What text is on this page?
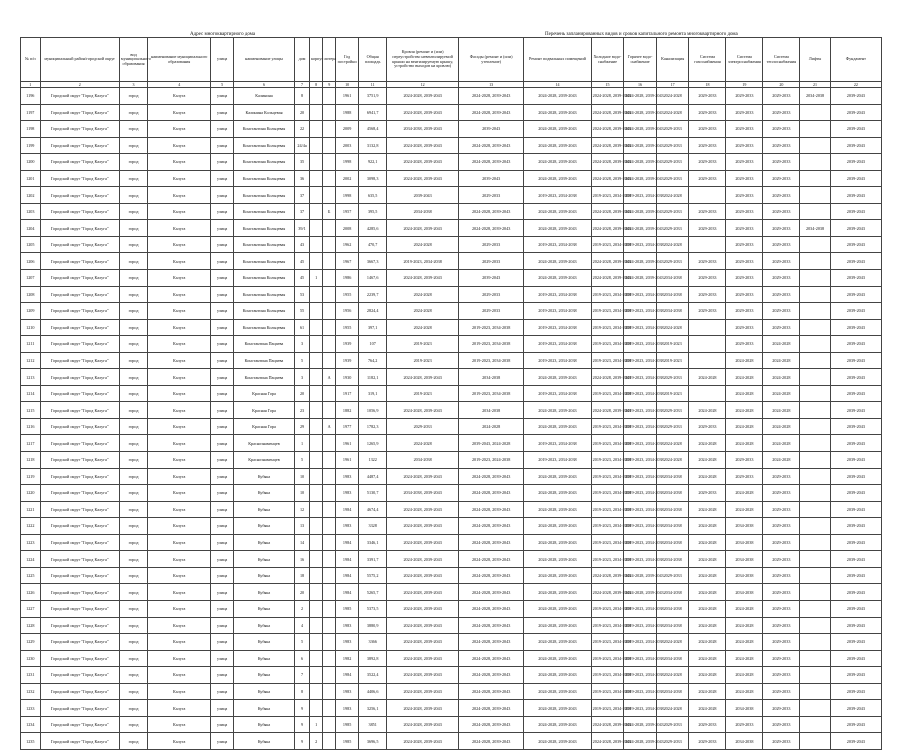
Адрес многоквартирного дома	Перечень запланированных видов и сроков капитального ремонта многоквартирного дома
№ п/п	муниципальный район/городской округ	вид муниципального образования	наименование муниципального образования	улица	наименование улицы	дом	корпус	литера	Год постройки	Общая площадь	Кровля (ремонт и (или) переустройство невентилируемой крыши на вентилируемую крышу, устройство выходов на кровлю)	Фасады (ремонт и (или) утепление)	Ремонт подвальных помещений	Холодное водо-снабжение	Горячее водо-снабжение	Канализация	Система газоснабжения	Система электроснабжения	Система теплоснабжения	Лифты	Фундамент
1	2	3	4	5	6	7	8	9	10	11	12	13	14	15	16	17	18	19	20	21	22
1196	Городской округ "Город Калуга"	город	Калуга	улица	Калинина	8			1961	3751,9	2024-2028, 2039-2043	2024-2028, 2039-2043	2024-2028, 2039-2043	2024-2028, 2039-2043	2024-2028, 2039-2043	2024-2028	2029-2033	2029-2033	2029-2033	2034-2038	2039-2043
1197	Городской округ "Город Калуга"	город	Калуга	улица	Калинина Кольцевая	20			1988	6941,7	2024-2028, 2039-2043	2024-2028, 2039-2043	2024-2028, 2039-2043	2024-2028, 2039-2043	2024-2028, 2039-2043	2024-2028	2029-2033	2029-2033	2029-2033		2039-2043
1198	Городской округ "Город Калуга"	город	Калуга	улица	Константина Кольцевая	22			2009	4568,4	2034-2038, 2039-2043	2039-2043	2024-2028, 2039-2043	2024-2028, 2039-2043	2024-2028, 2039-2043	2029-2033	2029-2033	2029-2033	2029-2033		2039-2043
1199	Городской округ "Город Калуга"	город	Калуга	улица	Константина Кольцевая	24/4а			2003	3132,8	2024-2028, 2039-2043	2024-2028, 2039-2043	2024-2028, 2039-2043	2024-2028, 2039-2043	2024-2028, 2039-2043	2029-2033	2029-2033	2029-2033	2029-2033		2039-2043
1200	Городской округ "Город Калуга"	город	Калуга	улица	Константина Кольцевая	35			1998	922,1	2024-2028, 2039-2043	2024-2028, 2039-2043	2024-2028, 2039-2043	2024-2028, 2039-2043	2024-2028, 2039-2043	2029-2033	2029-2033	2029-2033	2029-2033		2039-2043
1201	Городской округ "Город Калуга"	город	Калуга	улица	Константина Кольцевая	36			2002	3098,3	2024-2028, 2039-2043	2039-2043	2024-2028, 2039-2043	2024-2028, 2039-2043	2024-2028, 2039-2043	2029-2033	2029-2033	2029-2033	2029-2033		2039-2043
1202	Городской округ "Город Калуга"	город	Калуга	улица	Константина Кольцевая	37			1998	635,5	2039-2043	2029-2033	2019-2023, 2034-2038	2019-2023, 2034-2038	2019-2023, 2034-2038	2024-2028		2029-2033	2029-2033		2039-2043
1203	Городской округ "Город Калуга"	город	Калуга	улица	Константина Кольцевая	37		Б	1957	395,5	2034-2038	2024-2028, 2039-2043	2024-2028, 2039-2043	2024-2028, 2039-2043	2024-2028, 2039-2043	2029-2033	2029-2033	2029-2033	2029-2033		2039-2043
1204	Городской округ "Город Калуга"	город	Калуга	улица	Константина Кольцевая	39/1			2008	4285,6	2024-2028, 2039-2043	2024-2028, 2039-2043	2024-2028, 2039-2043	2024-2028, 2039-2043	2024-2028, 2039-2043	2029-2033	2029-2033	2029-2033	2029-2033	2034-2038	2039-2043
1205	Городской округ "Город Калуга"	город	Калуга	улица	Константина Кольцевая	43			1962	470,7	2024-2028	2029-2033	2019-2023, 2034-2038	2019-2023, 2034-2038	2019-2023, 2034-2038	2024-2028		2029-2033	2029-2033		2039-2043
1206	Городской округ "Город Калуга"	город	Калуга	улица	Константина Кольцевая	45			1967	3667,3	2019-2023, 2034-2038	2029-2033	2024-2028, 2039-2043	2024-2028, 2039-2043	2024-2028, 2039-2043	2029-2033	2029-2033	2029-2033	2029-2033		2039-2043
1207	Городской округ "Город Калуга"	город	Калуга	улица	Константина Кольцевая	45	1		1986	1467,6	2024-2028, 2039-2043	2039-2043	2024-2028, 2039-2043	2024-2028, 2039-2043	2024-2028, 2039-2043	2034-2038	2029-2033	2029-2033	2029-2033		2039-2043
1208	Городской округ "Город Калуга"	город	Калуга	улица	Константина Кольцевая	53			1955	2239,7	2024-2028	2029-2033	2019-2023, 2034-2038	2019-2023, 2034-2038	2019-2023, 2034-2038	2034-2038	2029-2033	2029-2033	2029-2033		2039-2043
1209	Городской округ "Город Калуга"	город	Калуга	улица	Константина Кольцевая	55			1956	2824,4	2024-2028	2029-2033	2019-2023, 2034-2038	2019-2023, 2034-2038	2019-2023, 2034-2038	2034-2038	2029-2033	2029-2033	2029-2033		2039-2043
1210	Городской округ "Город Калуга"	город	Калуга	улица	Константина Кольцевая	61			1955	397,1	2024-2028	2019-2023, 2034-2038	2019-2023, 2034-2038	2019-2023, 2034-2038	2019-2023, 2034-2038	2024-2028		2029-2033	2029-2033		2039-2043
1211	Городской округ "Город Калуга"	город	Калуга	улица	Константина Пацаева	3			1939	107	2019-2023	2019-2023, 2034-2038	2019-2023, 2034-2038	2019-2023, 2034-2038	2019-2023, 2034-2038	2019-2023		2029-2033	2024-2028		2039-2043
1212	Городской округ "Город Калуга"	город	Калуга	улица	Константина Пацаева	5			1939	764,2	2019-2023	2019-2023, 2034-2038	2019-2023, 2034-2038	2019-2023, 2034-2038	2019-2023, 2034-2038	2019-2023		2024-2028	2024-2028		2039-2043
1213	Городской округ "Город Калуга"	город	Калуга	улица	Константина Пацаева	3		А	1930	1182,1	2024-2028, 2039-2043	2034-2038	2024-2028, 2039-2043	2024-2028, 2039-2043	2019-2023, 2034-2038	2029-2033	2024-2028	2024-2028	2024-2028		2039-2043
1214	Городской округ "Город Калуга"	город	Калуга	улица	Красная Гора	20			1917	319,1	2019-2023	2019-2023, 2034-2038	2019-2023, 2034-2038	2019-2023, 2034-2038	2019-2023, 2034-2038	2019-2023		2024-2028	2024-2028		2039-2043
1215	Городской округ "Город Калуга"	город	Калуга	улица	Красная Гора	23			1882	1056,9	2024-2028, 2039-2043	2034-2038	2024-2028, 2039-2043	2024-2028, 2039-2043	2019-2023, 2034-2038	2029-2033	2024-2028	2024-2028	2024-2028		2039-2043
1216	Городской округ "Город Калуга"	город	Калуга	улица	Красная Гора	29		А	1977	1782,3	2029-2033	2024-2028	2024-2028, 2039-2043	2019-2023, 2034-2038	2019-2023, 2034-2038	2029-2033	2029-2033	2024-2028	2024-2028		2039-2043
1217	Городской округ "Город Калуга"	город	Калуга	улица	Краснознаменцев	1			1961	1265,9	2024-2028	2039-2043, 2024-2028	2019-2023, 2034-2038	2019-2023, 2034-2038	2019-2023, 2034-2038	2024-2028	2024-2028	2024-2028	2024-2028		2039-2043
1218	Городской округ "Город Калуга"	город	Калуга	улица	Краснознаменцев	5			1961	1322	2034-2038	2019-2023, 2024-2038	2019-2023, 2034-2038	2019-2023, 2034-2038	2019-2023, 2034-2038	2024-2028	2024-2028	2029-2033	2024-2028		2039-2043
1219	Городской округ "Город Калуга"	город	Калуга	улица	Кубяка	10			1983	4487,4	2024-2028, 2039-2043	2024-2028, 2039-2043	2024-2028, 2039-2043	2019-2023, 2034-2038	2019-2023, 2034-2038	2034-2038	2024-2028	2029-2033	2029-2033		2039-2043
1220	Городской округ "Город Калуга"	город	Калуга	улица	Кубяка	10			1983	5130,7	2034-2038, 2039-2043	2024-2028, 2039-2043	2024-2028, 2039-2043	2019-2023, 2034-2038	2019-2023, 2034-2038	2034-2038	2029-2033	2024-2028	2029-2033		2039-2043
1221	Городской округ "Город Калуга"	город	Калуга	улица	Кубяка	12			1984	4674,4	2024-2028, 2039-2043	2024-2028, 2039-2043	2024-2028, 2039-2043	2019-2023, 2034-2038	2019-2023, 2034-2038	2034-2038	2024-2028	2024-2028	2029-2033		2039-2043
1222	Городской округ "Город Калуга"	город	Калуга	улица	Кубяка	13			1983	3328	2024-2028, 2039-2043	2024-2028, 2039-2043	2024-2028, 2039-2043	2019-2023, 2034-2038	2019-2023, 2034-2038	2034-2038	2024-2028	2034-2038	2029-2033		2039-2043
1223	Городской округ "Город Калуга"	город	Калуга	улица	Кубяка	14			1984	3346,1	2024-2028, 2039-2043	2024-2028, 2039-2043	2024-2028, 2039-2043	2019-2023, 2034-2038	2019-2023, 2034-2038	2034-2038	2024-2028	2034-2038	2029-2033		2039-2043
1224	Городской округ "Город Калуга"	город	Калуга	улица	Кубяка	16			1984	3391,7	2024-2028, 2039-2043	2024-2028, 2039-2043	2024-2028, 2039-2043	2019-2023, 2034-2038	2019-2023, 2034-2038	2034-2038	2024-2028	2034-2038	2029-2033		2039-2043
1225	Городской округ "Город Калуга"	город	Калуга	улица	Кубяка	18			1984	5575,2	2024-2028, 2039-2043	2024-2028, 2039-2043	2024-2028, 2039-2043	2024-2028, 2039-2043	2024-2028, 2039-2043	2029-2033	2024-2028	2034-2038	2029-2033		2039-2043
1226	Городской округ "Город Калуга"	город	Калуга	улица	Кубяка	20			1984	5265,7	2024-2028, 2039-2043	2024-2028, 2039-2043	2024-2028, 2039-2043	2024-2028, 2039-2043	2024-2028, 2039-2043	2034-2038	2024-2028	2034-2038	2029-2033		2039-2043
1227	Городской округ "Город Калуга"	город	Калуга	улица	Кубяка	2			1985	5373,5	2024-2028, 2039-2043	2024-2028, 2039-2043	2024-2028, 2039-2043	2019-2023, 2034-2038	2019-2023, 2034-2038	2034-2038	2024-2028	2024-2028	2029-2033		2039-2043
1228	Городской округ "Город Калуга"	город	Калуга	улица	Кубяка	4			1983	3880,9	2024-2028, 2039-2043	2024-2028, 2039-2043	2024-2028, 2039-2043	2019-2023, 2034-2038	2019-2023, 2034-2038	2034-2038	2024-2028	2024-2028	2029-2033		2039-2043
1229	Городской округ "Город Калуга"	город	Калуга	улица	Кубяка	5			1983	3366	2024-2028, 2039-2043	2024-2028, 2039-2043	2024-2028, 2039-2043	2019-2023, 2034-2038	2019-2023, 2034-2038	2024-2028	2024-2028	2024-2028	2029-2033		2039-2043
1230	Городской округ "Город Калуга"	город	Калуга	улица	Кубяка	6			1982	3892,8	2024-2028, 2039-2043	2024-2028, 2039-2043	2024-2028, 2039-2043	2019-2023, 2034-2038	2019-2023, 2034-2038	2034-2038	2024-2028	2024-2028	2029-2033		2039-2043
1231	Городской округ "Город Калуга"	город	Калуга	улица	Кубяка	7			1984	3522,4	2024-2028, 2039-2043	2024-2028, 2039-2043	2024-2028, 2039-2043	2019-2023, 2034-2038	2019-2023, 2034-2038	2024-2028	2024-2028	2024-2028	2029-2033		2039-2043
1232	Городской округ "Город Калуга"	город	Калуга	улица	Кубяка	8			1983	4406,6	2024-2028, 2039-2043	2024-2028, 2039-2043	2024-2028, 2039-2043	2019-2023, 2034-2038	2019-2023, 2034-2038	2034-2038	2024-2028	2024-2028	2029-2033		2039-2043
1233	Городской округ "Город Калуга"	город	Калуга	улица	Кубяка	9			1983	3256,1	2024-2028, 2039-2043	2024-2028, 2039-2043	2024-2028, 2039-2043	2019-2023, 2034-2038	2019-2023, 2034-2038	2024-2028	2024-2028	2034-2038	2029-2033		2039-2043
1234	Городской округ "Город Калуга"	город	Калуга	улица	Кубяка	9	1		1985	3851	2024-2028, 2039-2043	2024-2028, 2039-2043	2024-2028, 2039-2043	2024-2028, 2039-2043	2024-2028, 2039-2043	2029-2033	2029-2033	2029-2033	2029-2033		2039-2043
1235	Городской округ "Город Калуга"	город	Калуга	улица	Кубяка	9	2		1985	3696,5	2024-2028, 2039-2043	2024-2028, 2039-2043	2024-2028, 2039-2043	2024-2028, 2039-2043	2024-2028, 2039-2043	2029-2033	2029-2033	2034-2038	2029-2033		2039-2043
